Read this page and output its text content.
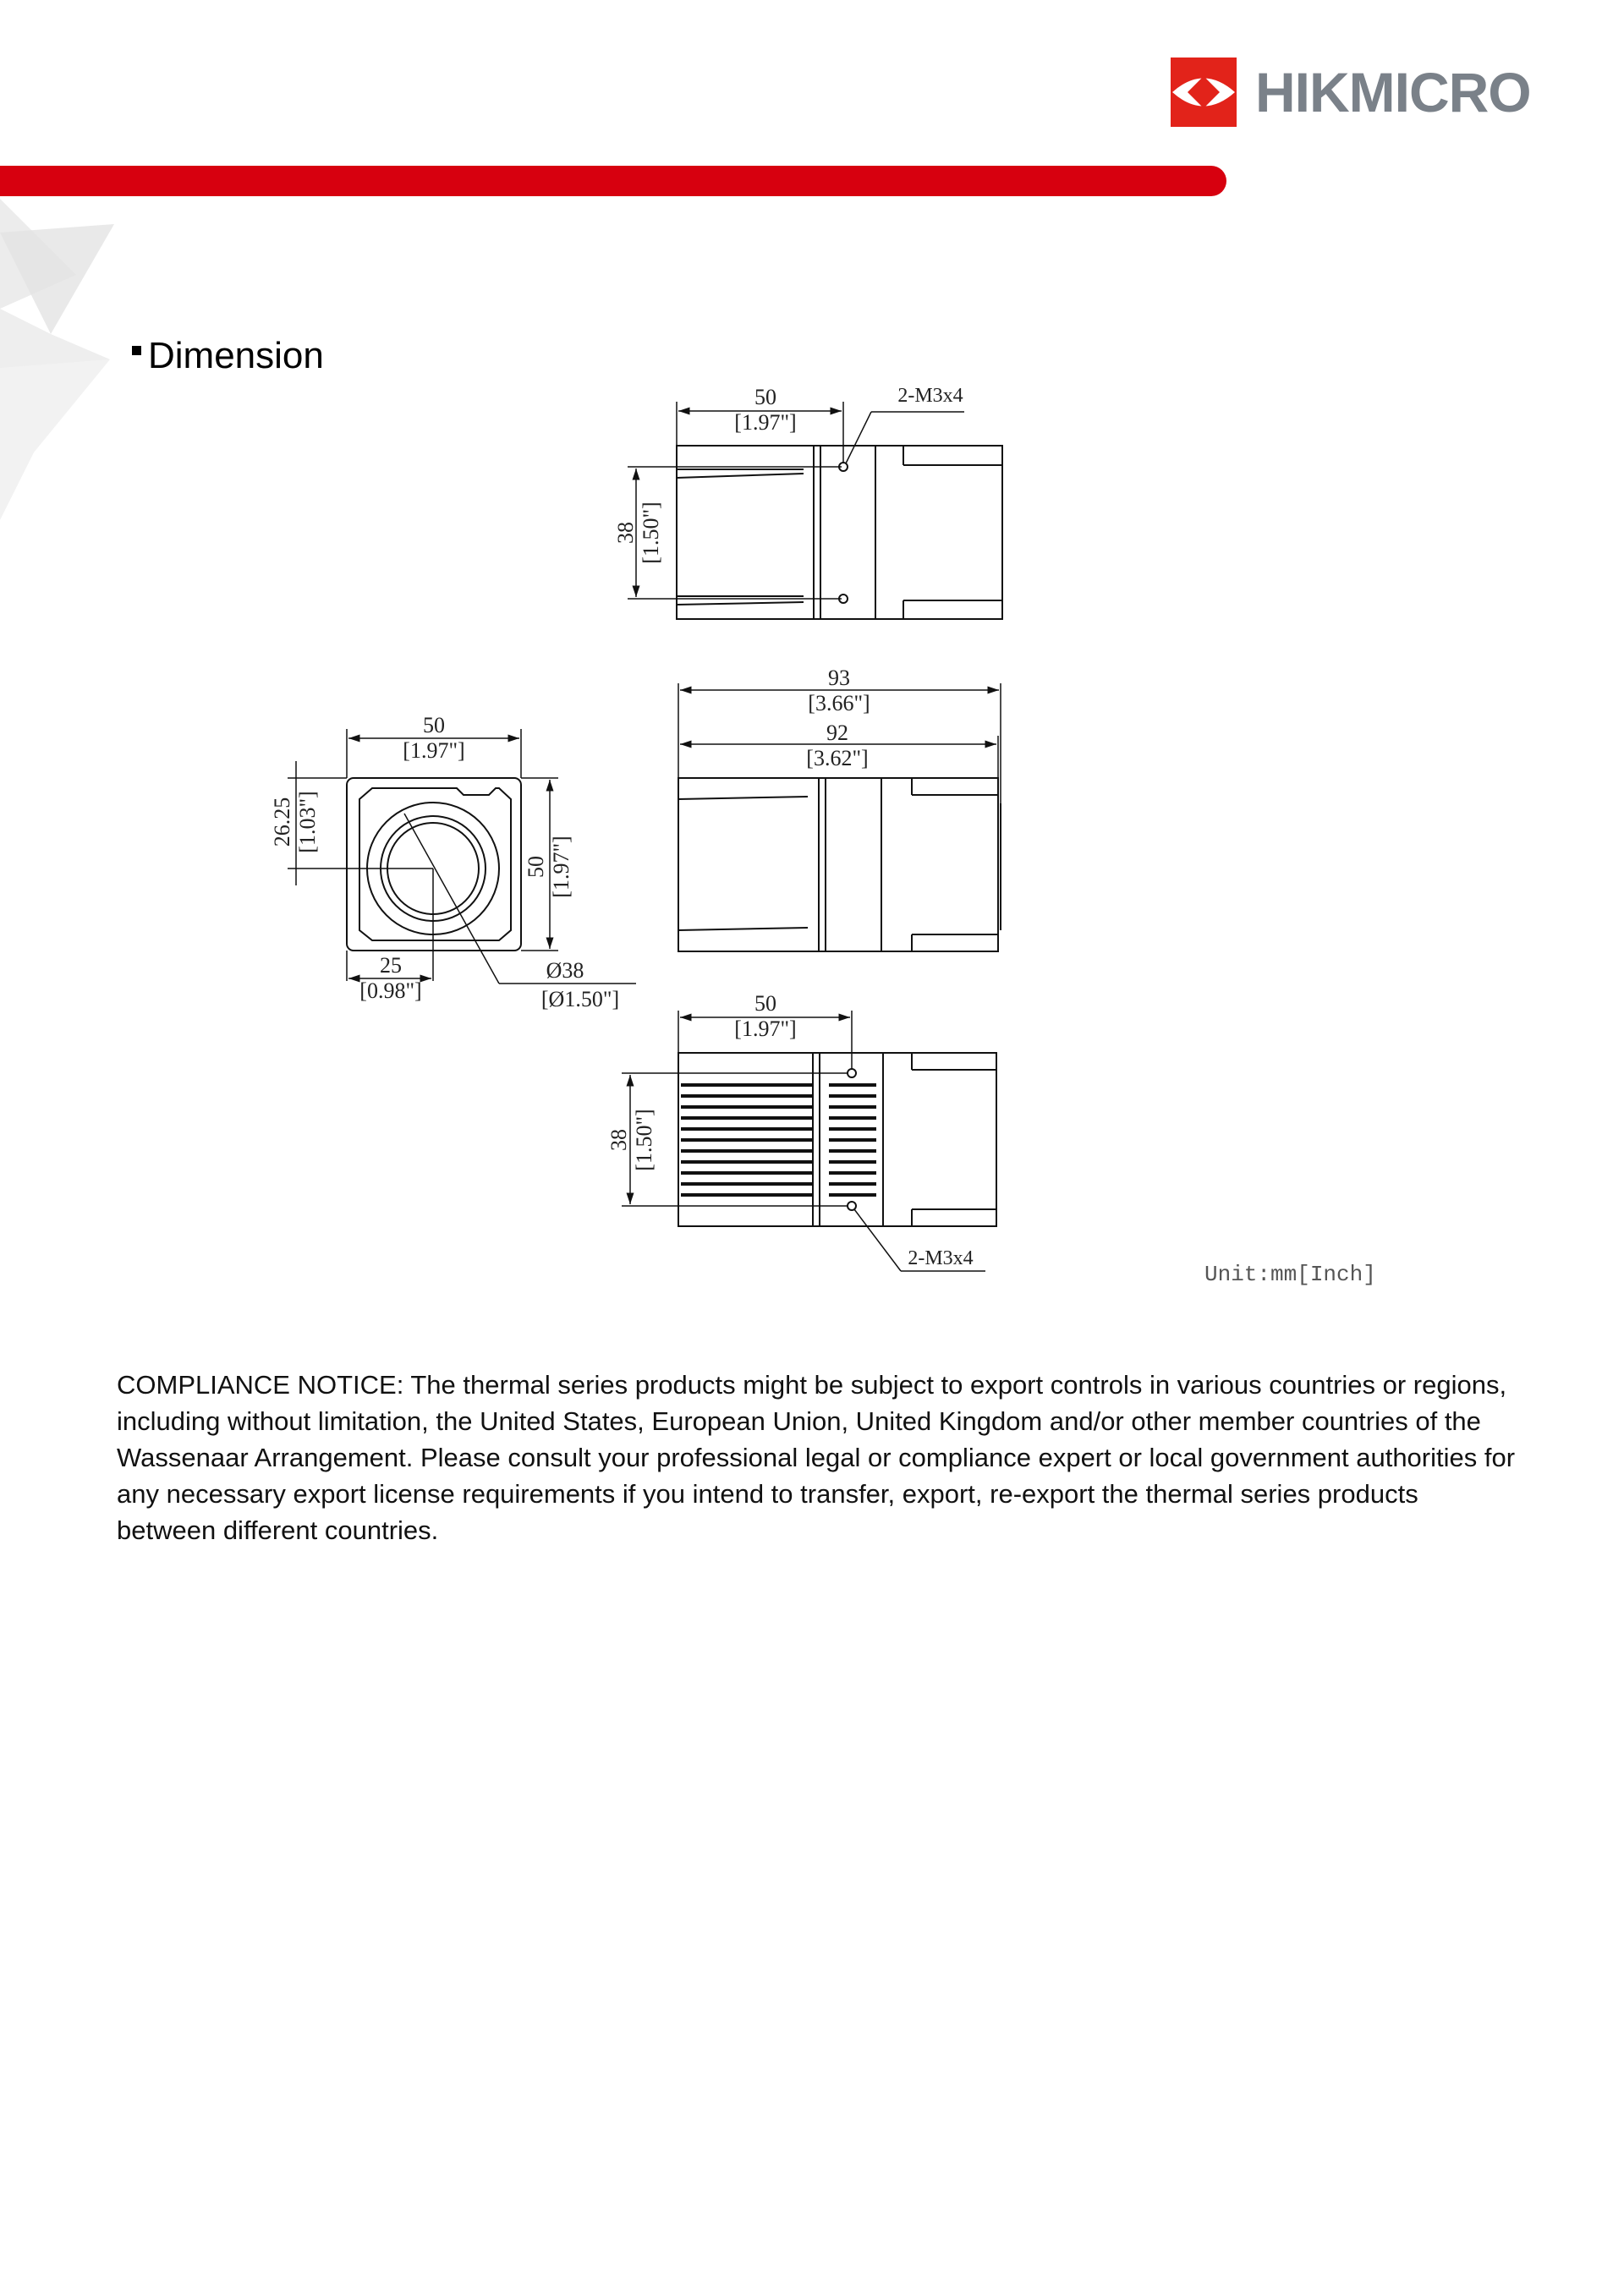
HIKMICRO
Dimension
50
[1.97"]
2-M3x4
38 [1.50"]
50
[1.97"]
50 [1.97"]
26.25 [1.03"]
25
[0.98"]
Ø38
[Ø1.50"]
93
[3.66"]
92
[3.62"]
50
[1.97"]
2-M3x4
38 [1.50"]
Unit:mm[Inch]

COMPLIANCE NOTICE: The thermal series products might be subject to export controls in various countries or regions, including without limitation, the United States, European Union, United Kingdom and/or other member countries of the Wassenaar Arrangement. Please consult your professional legal or compliance expert or local government authorities for any necessary export license requirements if you intend to transfer, export, re-export the thermal series products between different countries.
